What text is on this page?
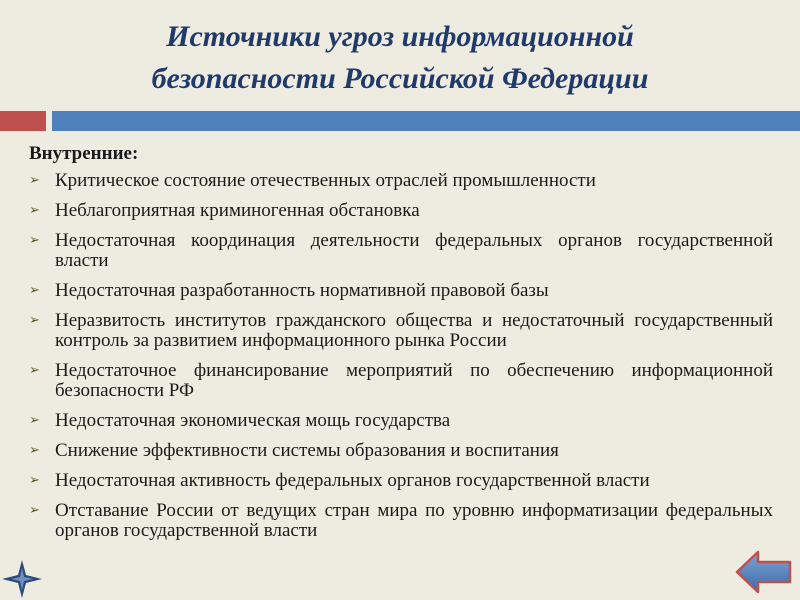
Источники угроз информационной
безопасности Российской Федерации
Внутренние:
➢ Критическое состояние отечественных отраслей промышленности
➢ Неблагоприятная криминогенная обстановка
➢ Недостаточная координация деятельности федеральных органов государственной власти
➢ Недостаточная разработанность нормативной правовой базы
➢ Неразвитость институтов гражданского общества и недостаточный государственный контроль за развитием информационного рынка России
➢ Недостаточное финансирование мероприятий по обеспечению информационной безопасности РФ
➢ Недостаточная экономическая мощь государства
➢ Снижение эффективности системы образования и воспитания
➢ Недостаточная активность федеральных органов государственной власти
➢ Отставание России от ведущих стран мира по уровню информатизации федеральных органов государственной власти
